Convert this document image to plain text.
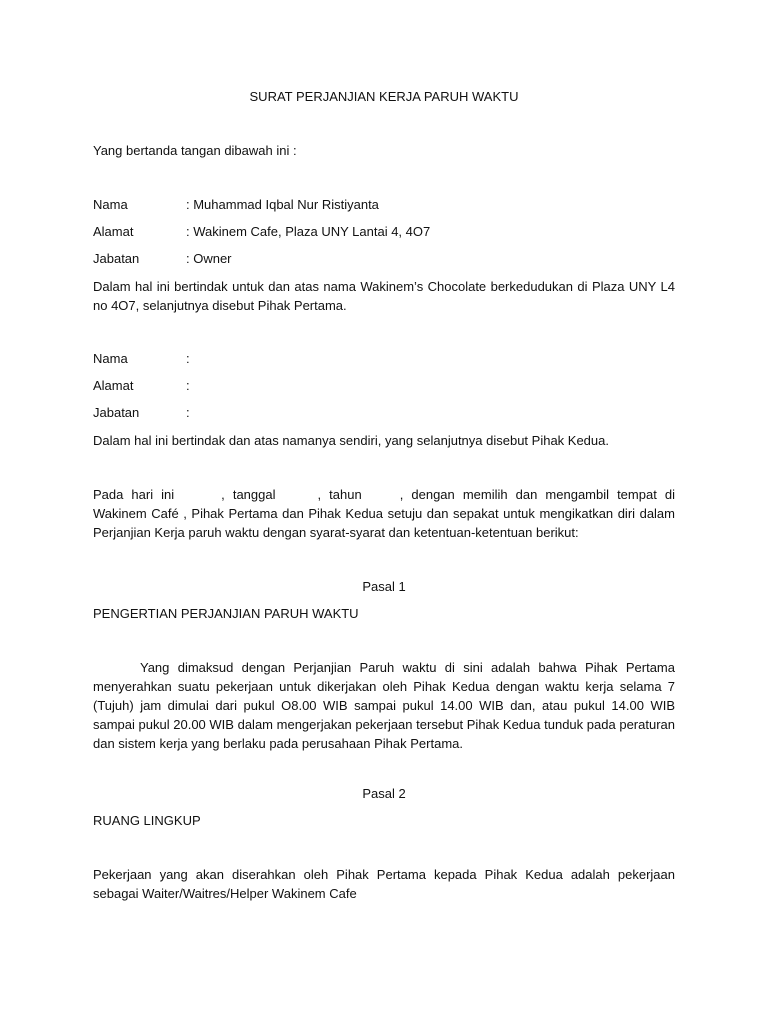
SURAT PERJANJIAN KERJA PARUH WAKTU
Yang bertanda tangan dibawah ini :
Nama	: Muhammad Iqbal Nur Ristiyanta
Alamat	: Wakinem Cafe, Plaza UNY Lantai 4, 4O7
Jabatan	: Owner
Dalam hal ini bertindak untuk dan atas nama Wakinem’s Chocolate berkedudukan di Plaza UNY L4 no 4O7, selanjutnya disebut Pihak Pertama.
Nama	:
Alamat	:
Jabatan	:
Dalam hal ini bertindak dan atas namanya sendiri, yang selanjutnya disebut Pihak Kedua.
Pada hari ini	, tanggal	, tahun	, dengan memilih dan mengambil tempat di Wakinem Café , Pihak Pertama dan Pihak Kedua setuju dan sepakat untuk mengikatkan diri dalam Perjanjian Kerja paruh waktu dengan syarat-syarat dan ketentuan-ketentuan berikut:
Pasal 1
PENGERTIAN PERJANJIAN PARUH WAKTU
Yang dimaksud dengan Perjanjian Paruh waktu di sini adalah bahwa Pihak Pertama menyerahkan suatu pekerjaan untuk dikerjakan oleh Pihak Kedua dengan waktu kerja selama 7 (Tujuh) jam dimulai dari pukul O8.00 WIB sampai pukul 14.00 WIB dan, atau pukul 14.00 WIB sampai pukul 20.00 WIB dalam mengerjakan pekerjaan tersebut Pihak Kedua tunduk pada peraturan dan sistem kerja yang berlaku pada perusahaan Pihak Pertama.
Pasal 2
RUANG LINGKUP
Pekerjaan yang akan diserahkan oleh Pihak Pertama kepada Pihak Kedua adalah pekerjaan sebagai Waiter/Waitres/Helper Wakinem Cafe
